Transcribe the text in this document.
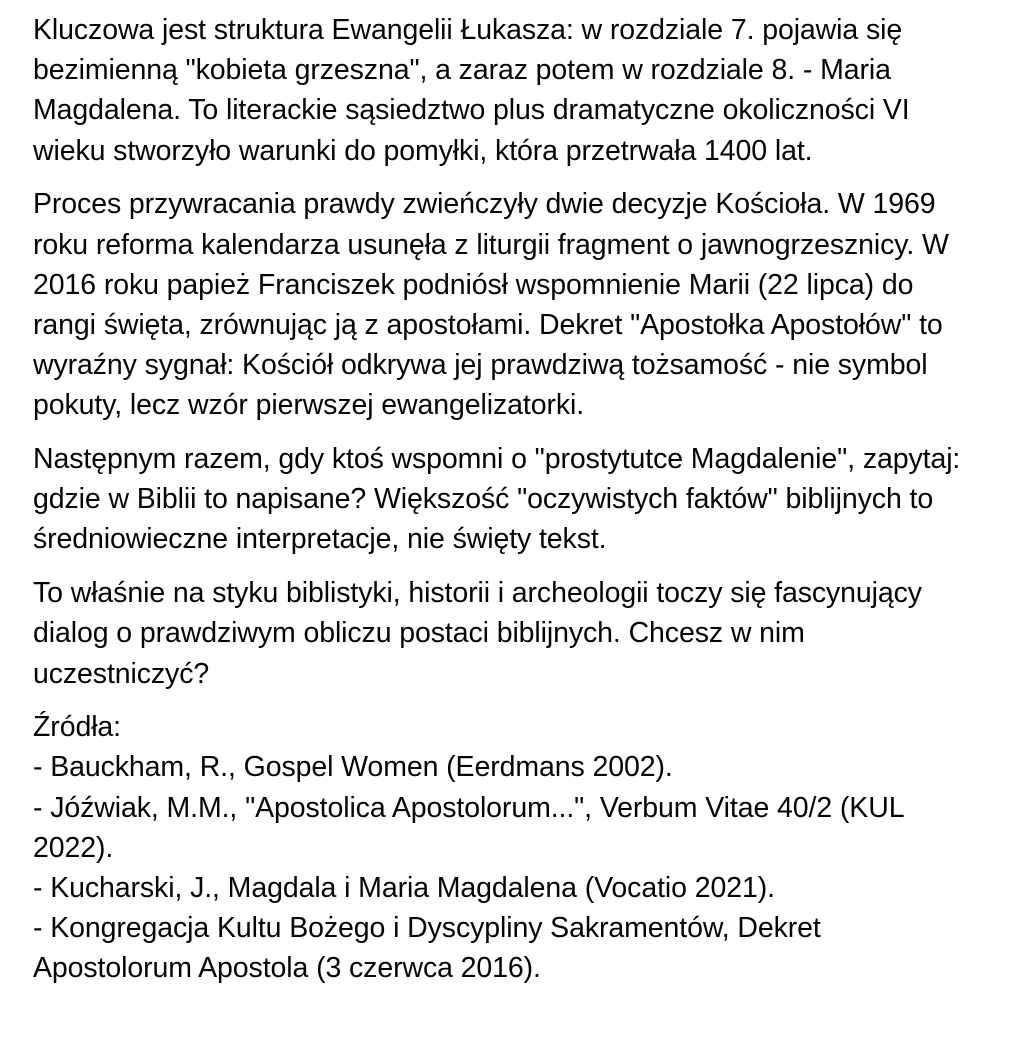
Kluczowa jest struktura Ewangelii Łukasza: w rozdziale 7. pojawia się bezimienną "kobieta grzeszna", a zaraz potem w rozdziale 8. - Maria Magdalena. To literackie sąsiedztwo plus dramatyczne okoliczności VI wieku stworzyło warunki do pomyłki, która przetrwała 1400 lat.

Proces przywracania prawdy zwieńczyły dwie decyzje Kościoła. W 1969 roku reforma kalendarza usunęła z liturgii fragment o jawnogrzesznicy. W 2016 roku papież Franciszek podniósł wspomnienie Marii (22 lipca) do rangi święta, zrównując ją z apostołami. Dekret "Apostołka Apostołów" to wyraźny sygnał: Kościół odkrywa jej prawdziwą tożsamość - nie symbol pokuty, lecz wzór pierwszej ewangelizatorki.

Następnym razem, gdy ktoś wspomni o "prostytutce Magdalenie", zapytaj: gdzie w Biblii to napisane? Większość "oczywistych faktów" biblijnych to średniowieczne interpretacje, nie święty tekst.

To właśnie na styku biblistyki, historii i archeologii toczy się fascynujący dialog o prawdziwym obliczu postaci biblijnych. Chcesz w nim uczestniczyć?

Źródła:
- Bauckham, R., Gospel Women (Eerdmans 2002).
- Jóźwiak, M.M., "Apostolica Apostolorum...", Verbum Vitae 40/2 (KUL 2022).
- Kucharski, J., Magdala i Maria Magdalena (Vocatio 2021).
- Kongregacja Kultu Bożego i Dyscypliny Sakramentów, Dekret Apostolorum Apostola (3 czerwca 2016).
